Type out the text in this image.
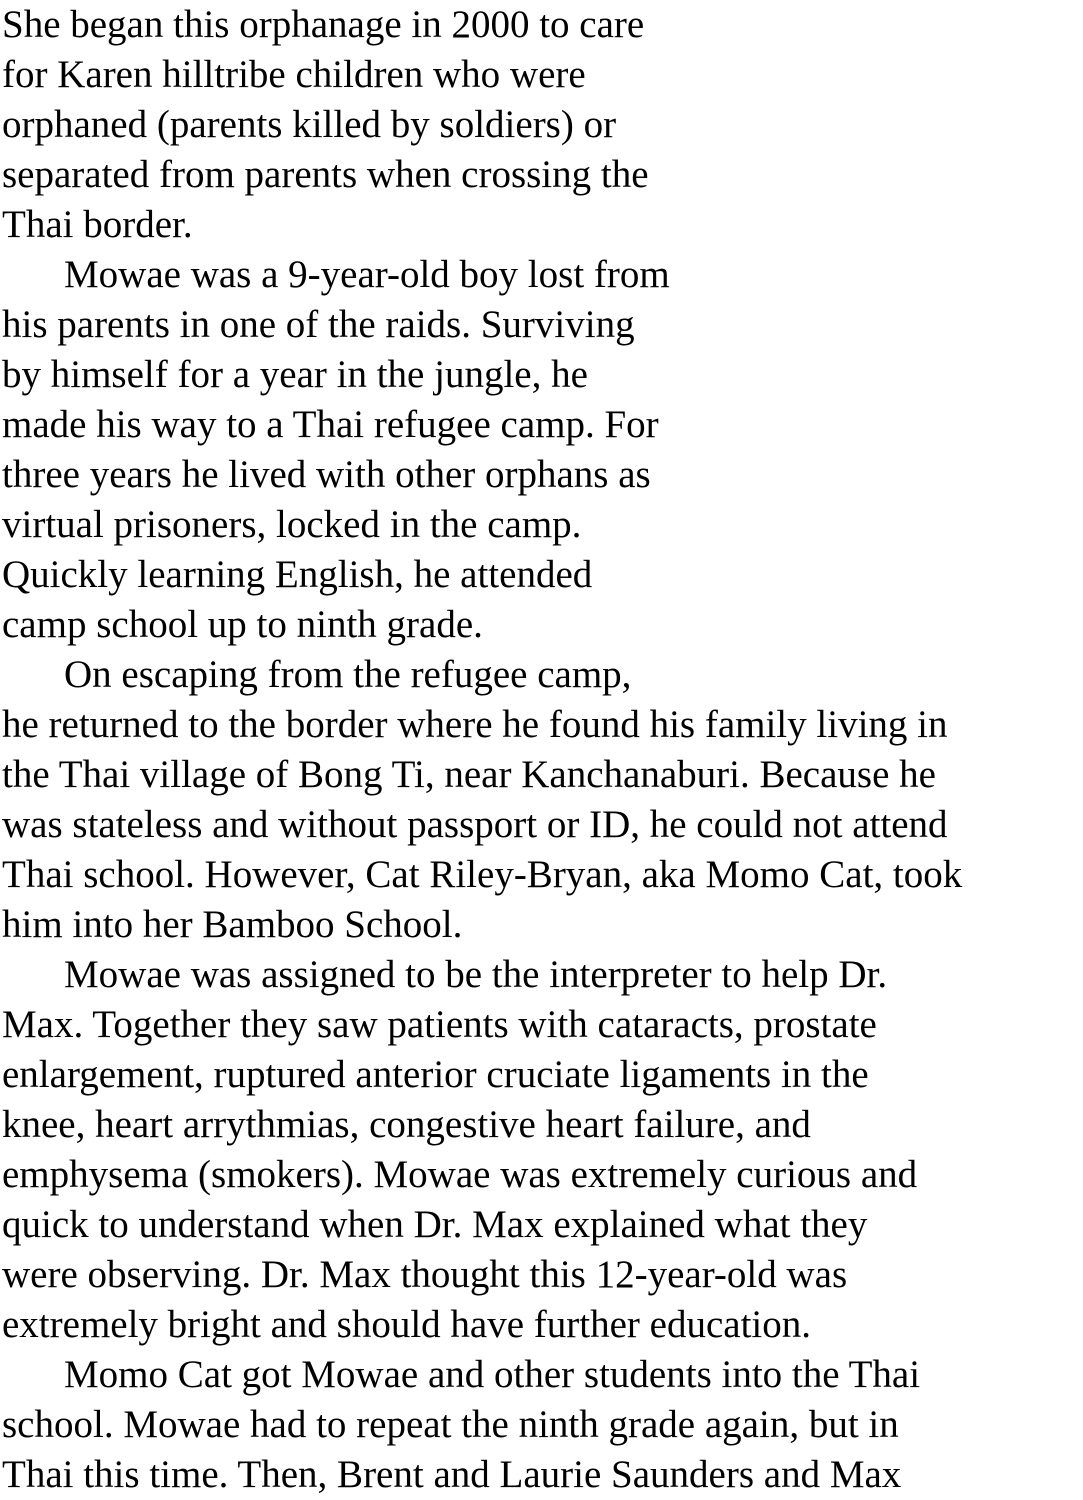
She began this orphanage in 2000 to care
for Karen hilltribe children who were
orphaned (parents killed by soldiers) or
separated from parents when crossing the
Thai border.
Mowae was a 9-year-old boy lost from
his parents in one of the raids. Surviving
by himself for a year in the jungle, he
made his way to a Thai refugee camp. For
three years he lived with other orphans as
virtual prisoners, locked in the camp.
Quickly learning English, he attended
camp school up to ninth grade.
On escaping from the refugee camp,
he returned to the border where he found his family living in
the Thai village of Bong Ti, near Kanchanaburi. Because he
was stateless and without passport or ID, he could not attend
Thai school. However, Cat Riley-Bryan, aka Momo Cat, took
him into her Bamboo School.
Mowae was assigned to be the interpreter to help Dr.
Max. Together they saw patients with cataracts, prostate
enlargement, ruptured anterior cruciate ligaments in the
knee, heart arrythmias, congestive heart failure, and
emphysema (smokers). Mowae was extremely curious and
quick to understand when Dr. Max explained what they
were observing. Dr. Max thought this 12-year-old was
extremely bright and should have further education.
Momo Cat got Mowae and other students into the Thai
school. Mowae had to repeat the ninth grade again, but in
Thai this time. Then, Brent and Laurie Saunders and Max
